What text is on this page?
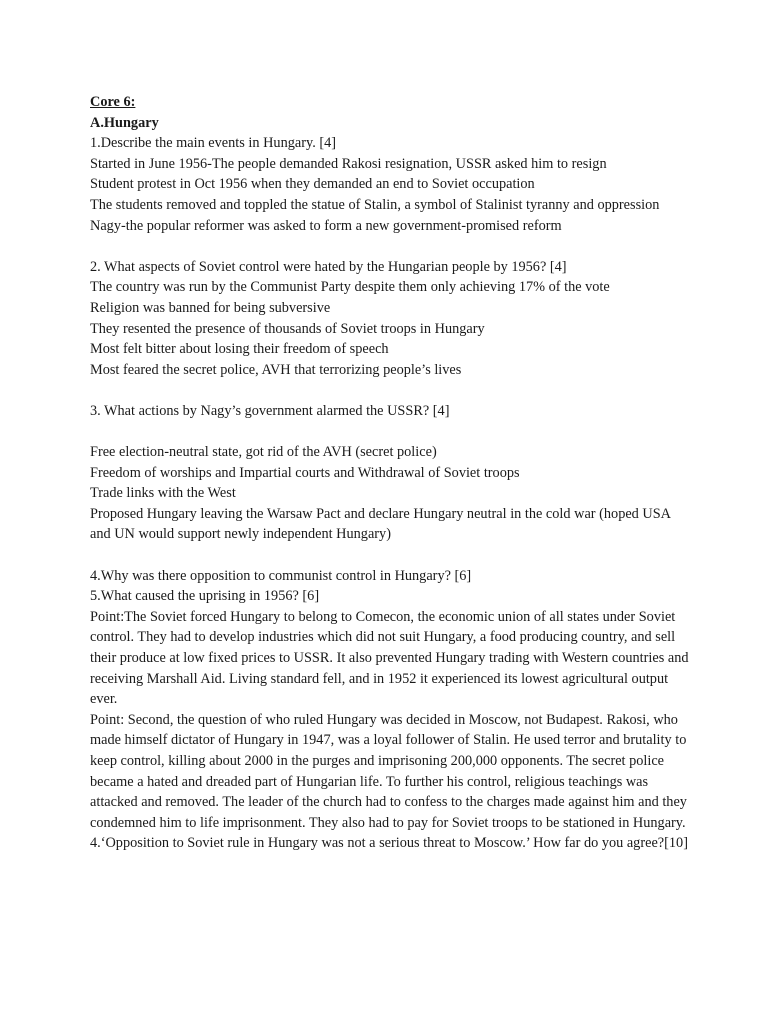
Core 6:
A.Hungary
1.Describe the main events in Hungary. [4]
Started in June 1956-The people demanded Rakosi resignation, USSR asked him to resign
Student protest in Oct 1956 when they demanded an end to Soviet occupation
The students removed and toppled the statue of Stalin, a symbol of Stalinist tyranny and oppression
Nagy-the popular reformer was asked to form a new government-promised reform
2. What aspects of Soviet control were hated by the Hungarian people by 1956? [4]
The country was run by the Communist Party despite them only achieving 17% of the vote
Religion was banned for being subversive
They resented the presence of thousands of Soviet troops in Hungary
Most felt bitter about losing their freedom of speech
Most feared the secret police, AVH that terrorizing people’s lives
3. What actions by Nagy’s government alarmed the USSR? [4]
Free election-neutral state, got rid of the AVH (secret police)
Freedom of worships and Impartial courts and Withdrawal of Soviet troops
Trade links with the West
Proposed Hungary leaving the Warsaw Pact and declare Hungary neutral in the cold war (hoped USA and UN would support newly independent Hungary)
4.Why was there opposition to communist control in Hungary? [6]
5.What caused the uprising in 1956? [6]
Point:The Soviet forced Hungary to belong to Comecon, the economic union of all states under Soviet control. They had to develop industries which did not suit Hungary, a food producing country, and sell their produce at low fixed prices to USSR. It also prevented Hungary trading with Western countries and receiving Marshall Aid. Living standard fell, and in 1952 it experienced its lowest agricultural output ever.
Point: Second, the question of who ruled Hungary was decided in Moscow, not Budapest. Rakosi, who made himself dictator of Hungary in 1947, was a loyal follower of Stalin. He used terror and brutality to keep control, killing about 2000 in the purges and imprisoning 200,000 opponents. The secret police became a hated and dreaded part of Hungarian life. To further his control, religious teachings was attacked and removed. The leader of the church had to confess to the charges made against him and they condemned him to life imprisonment. They also had to pay for Soviet troops to be stationed in Hungary.
4.‘Opposition to Soviet rule in Hungary was not a serious threat to Moscow.’ How far do you agree?[10]
